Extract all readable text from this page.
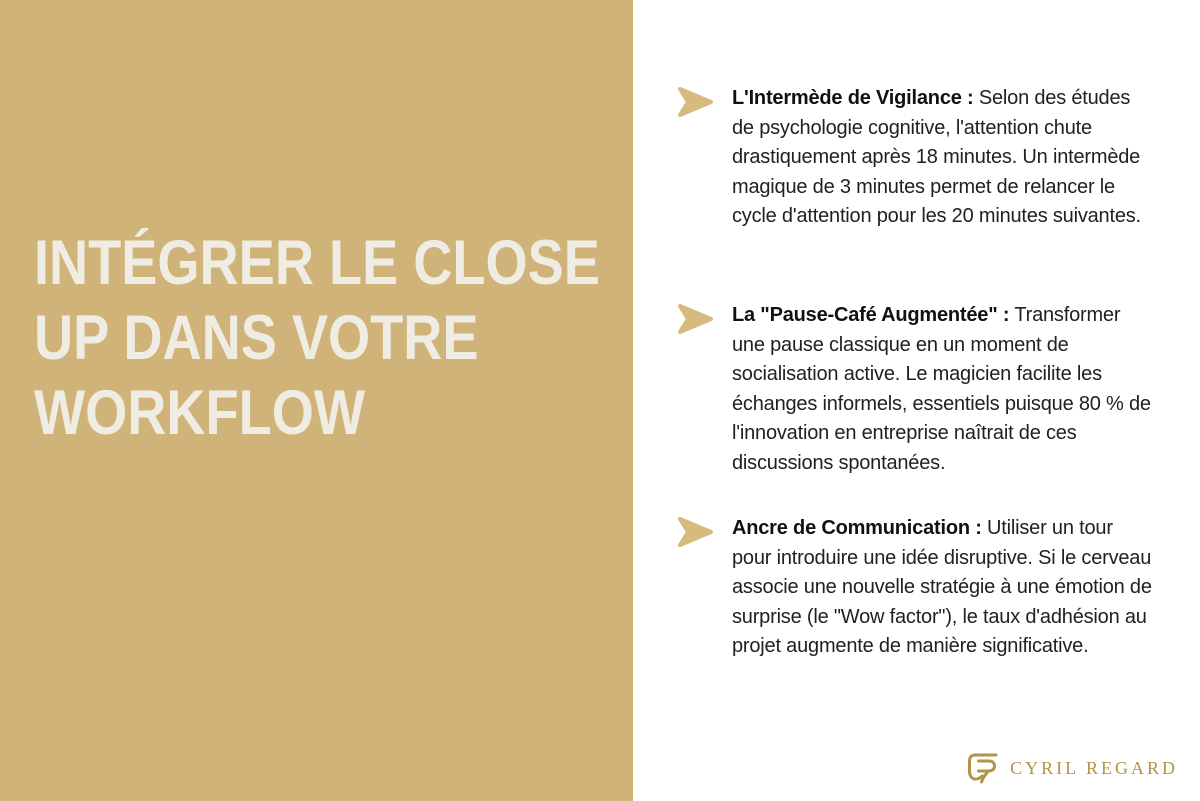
INTÉGRER LE CLOSE
UP DANS VOTRE
WORKFLOW

L'Intermède de Vigilance : Selon des études de psychologie cognitive, l'attention chute drastiquement après 18 minutes. Un intermède magique de 3 minutes permet de relancer le cycle d'attention pour les 20 minutes suivantes.

La "Pause-Café Augmentée" : Transformer une pause classique en un moment de socialisation active. Le magicien facilite les échanges informels, essentiels puisque 80 % de l'innovation en entreprise naîtrait de ces discussions spontanées.

Ancre de Communication : Utiliser un tour pour introduire une idée disruptive. Si le cerveau associe une nouvelle stratégie à une émotion de surprise (le "Wow factor"), le taux d'adhésion au projet augmente de manière significative.

CYRIL REGARD
